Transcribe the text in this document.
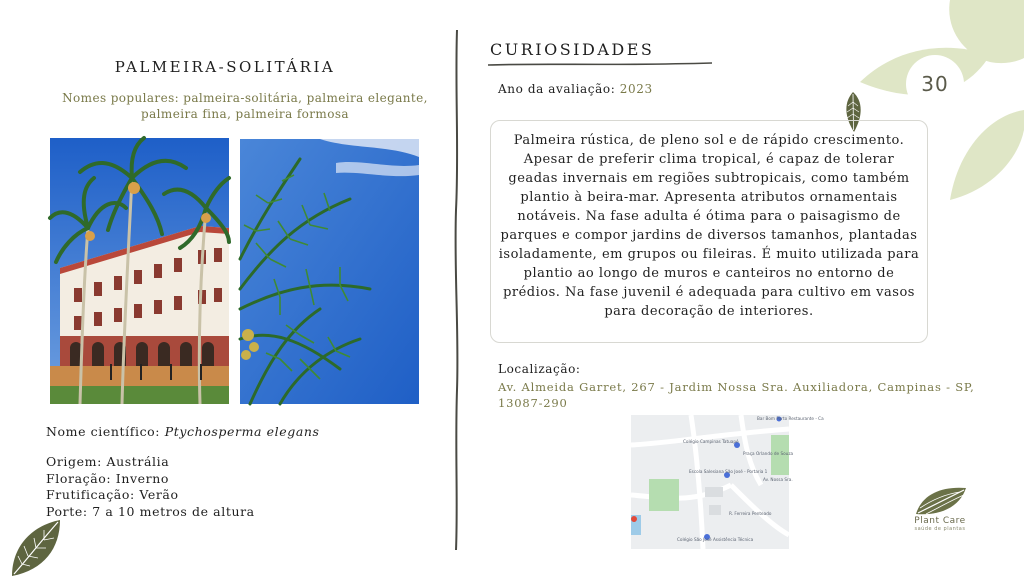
30
PALMEIRA-SOLITÁRIA
Nomes populares: palmeira-solitária, palmeira elegante, palmeira fina, palmeira formosa
Nome científico: Ptychosperma elegans
Origem: Austrália
Floração: Inverno
Frutificação: Verão
Porte: 7 a 10 metros de altura
CURIOSIDADES
Ano da avaliação: 2023
Palmeira rústica, de pleno sol e de rápido crescimento. Apesar de preferir clima tropical, é capaz de tolerar geadas invernais em regiões subtropicais, como também plantio à beira-mar. Apresenta atributos ornamentais notáveis. Na fase adulta é ótima para o paisagismo de parques e compor jardins de diversos tamanhos, plantadas isoladamente, em grupos ou fileiras. É muito utilizada para plantio ao longo de muros e canteiros no entorno de prédios. Na fase juvenil é adequada para cultivo em vasos para decoração de interiores.
Localização:
Av. Almeida Garret, 267 - Jardim Nossa Sra. Auxiliadora, Campinas - SP, 13087-290
Bar Bom Parto Restaurante - Ca
Colégio Campinas Tatuapé
Praça Orlando de Souza
Escola Salesiana São José - Portaria 1
Av. Nossa Sra.
R. Ferreira Penteado
Colégio São José Assistência Técnica
Plant Care
saúde de plantas
